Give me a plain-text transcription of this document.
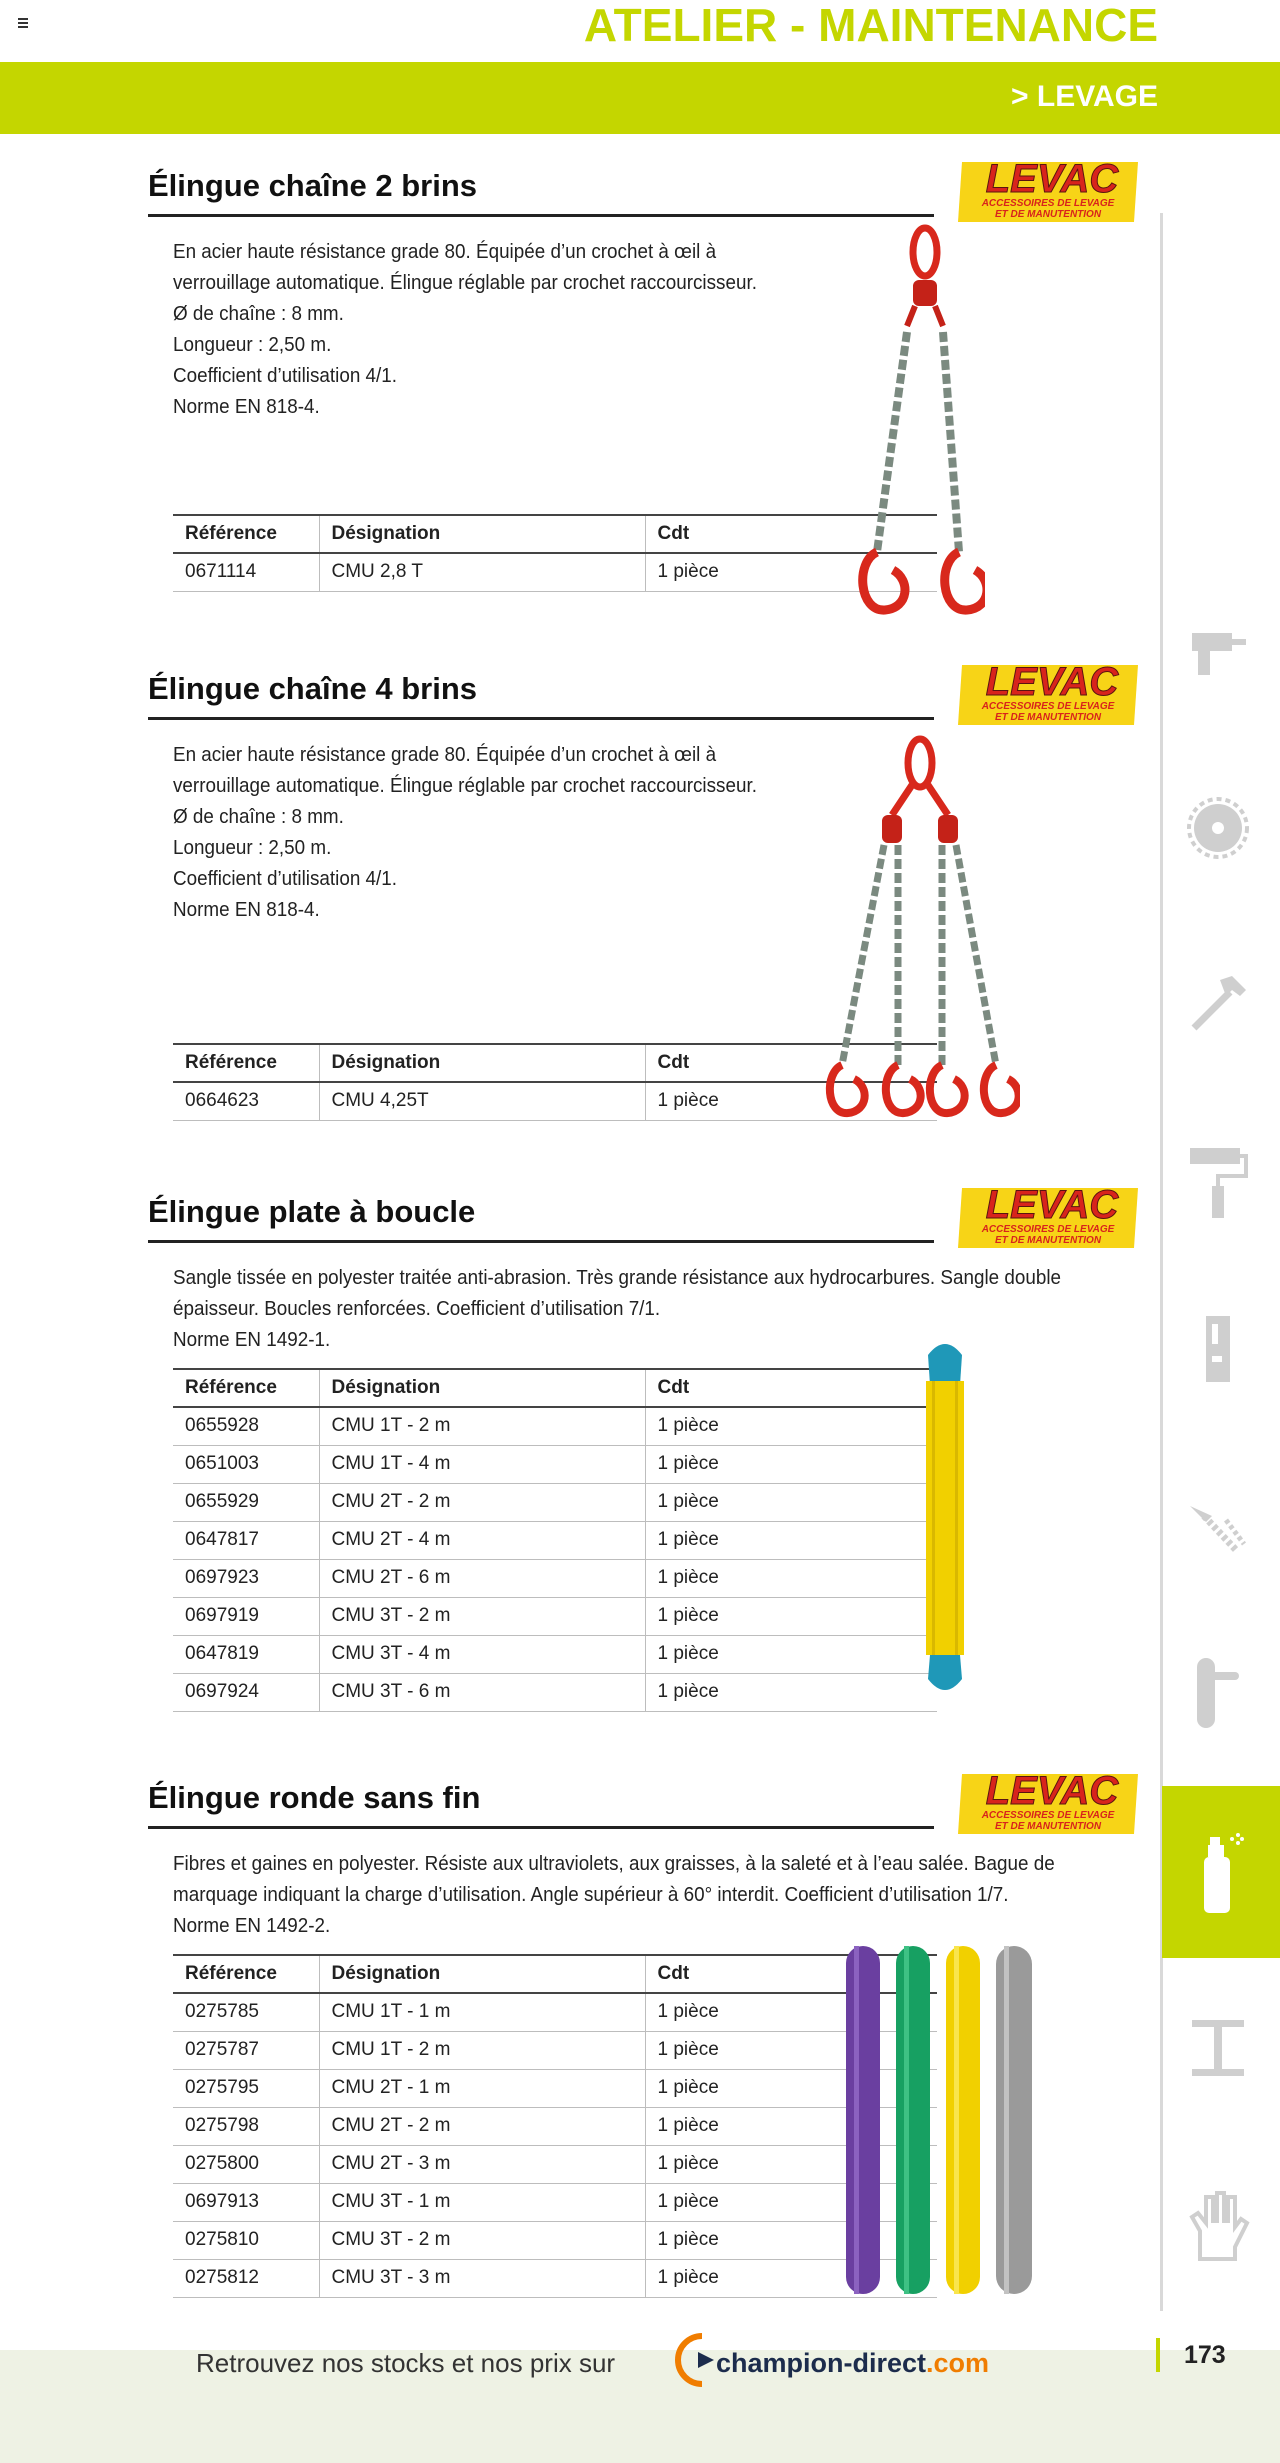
ATELIER - MAINTENANCE
> LEVAGE
Élingue chaîne 2 brins	LEVAC
ACCESSOIRES DE LEVAGE
ET DE MANUTENTION

En acier haute résistance grade 80. Équipée d’un crochet à œil à

verrouillage automatique. Élingue réglable par crochet raccourcisseur.

Ø de chaîne : 8 mm.

Longueur : 2,50 m.

Coefficient d’utilisation 4/1.

Norme EN 818-4.

Référence	Désignation	Cdt
0671114	CMU 2,8 T	1 pièce
Élingue chaîne 4 brins	LEVAC
ACCESSOIRES DE LEVAGE
ET DE MANUTENTION

En acier haute résistance grade 80. Équipée d’un crochet à œil à

verrouillage automatique. Élingue réglable par crochet raccourcisseur.

Ø de chaîne : 8 mm.

Longueur : 2,50 m.

Coefficient d’utilisation 4/1.

Norme EN 818-4.

Référence	Désignation	Cdt
0664623	CMU 4,25T	1 pièce
Élingue plate à boucle	LEVAC
ACCESSOIRES DE LEVAGE
ET DE MANUTENTION

Sangle tissée en polyester traitée anti-abrasion. Très grande résistance aux hydrocarbures. Sangle double

épaisseur. Boucles renforcées. Coefficient d’utilisation 7/1.

Norme EN 1492-1.

Référence	Désignation	Cdt
0655928	CMU 1T - 2 m	1 pièce
0651003	CMU 1T - 4 m	1 pièce
0655929	CMU 2T - 2 m	1 pièce
0647817	CMU 2T - 4 m	1 pièce
0697923	CMU 2T - 6 m	1 pièce
0697919	CMU 3T - 2 m	1 pièce
0647819	CMU 3T - 4 m	1 pièce
0697924	CMU 3T - 6 m	1 pièce
Élingue ronde sans fin	LEVAC
ACCESSOIRES DE LEVAGE
ET DE MANUTENTION

Fibres et gaines en polyester. Résiste aux ultraviolets, aux graisses, à la saleté et à l’eau salée. Bague de

marquage indiquant la charge d’utilisation. Angle supérieur à 60° interdit. Coefficient d’utilisation 1/7.

Norme EN 1492-2.

Référence	Désignation	Cdt
0275785	CMU 1T - 1 m	1 pièce
0275787	CMU 1T - 2 m	1 pièce
0275795	CMU 2T - 1 m	1 pièce
0275798	CMU 2T - 2 m	1 pièce
0275800	CMU 2T - 3 m	1 pièce
0697913	CMU 3T - 1 m	1 pièce
0275810	CMU 3T - 2 m	1 pièce
0275812	CMU 3T - 3 m	1 pièce
Retrouvez nos stocks et nos prix sur	champion-direct.com	173
